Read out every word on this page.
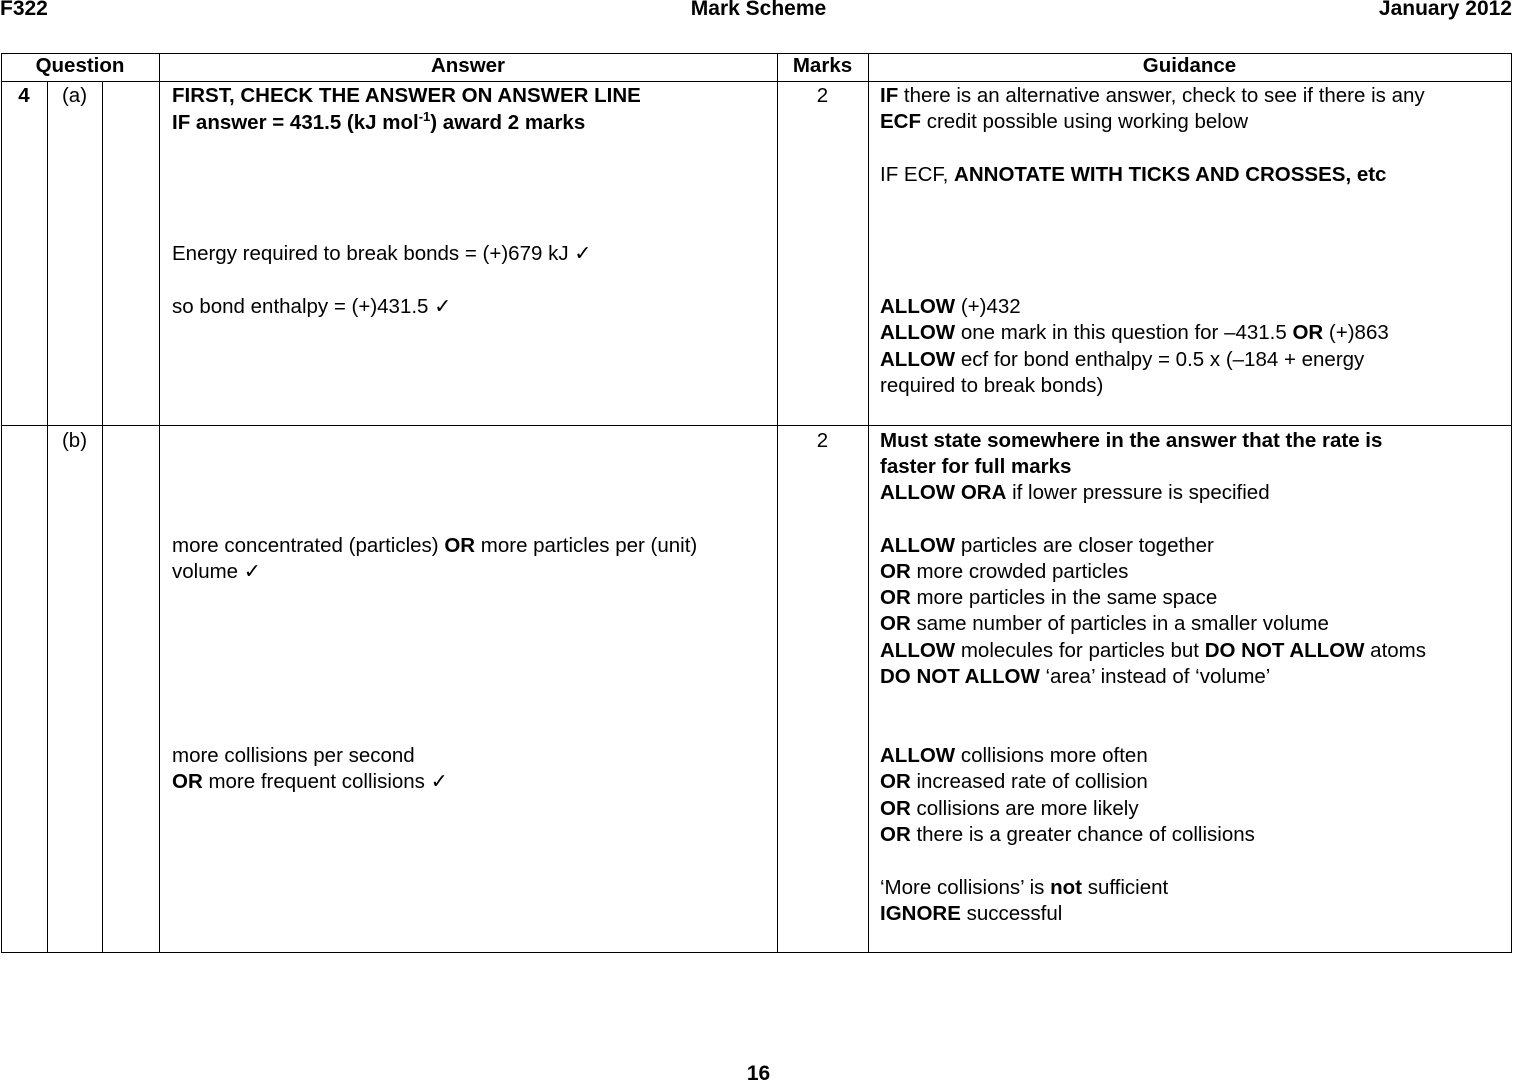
F322	Mark Scheme	January 2012
Question	Answer	Marks	Guidance
4	(a)	FIRST, CHECK THE ANSWER ON ANSWER LINE
IF answer = 431.5 (kJ mol$^{-1}$) award 2 marks
Energy required to break bonds = (+)679 kJ ✓
so bond enthalpy = (+)431.5 ✓
2	IF there is an alternative answer, check to see if there is any
ECF credit possible using working below
IF ECF, ANNOTATE WITH TICKS AND CROSSES, etc
ALLOW (+)432
ALLOW one mark in this question for –431.5 OR (+)863
ALLOW ecf for bond enthalpy = 0.5 x (–184 + energy
required to break bonds)
(b)
more concentrated (particles) OR more particles per (unit)
volume ✓
more collisions per second
OR more frequent collisions ✓
2	Must state somewhere in the answer that the rate is
faster for full marks
ALLOW ORA if lower pressure is specified
ALLOW particles are closer together
OR more crowded particles
OR more particles in the same space
OR same number of particles in a smaller volume
ALLOW molecules for particles but DO NOT ALLOW atoms
DO NOT ALLOW ‘area’ instead of ‘volume’
ALLOW collisions more often
OR increased rate of collision
OR collisions are more likely
OR there is a greater chance of collisions
‘More collisions’ is not sufficient
IGNORE successful
16
